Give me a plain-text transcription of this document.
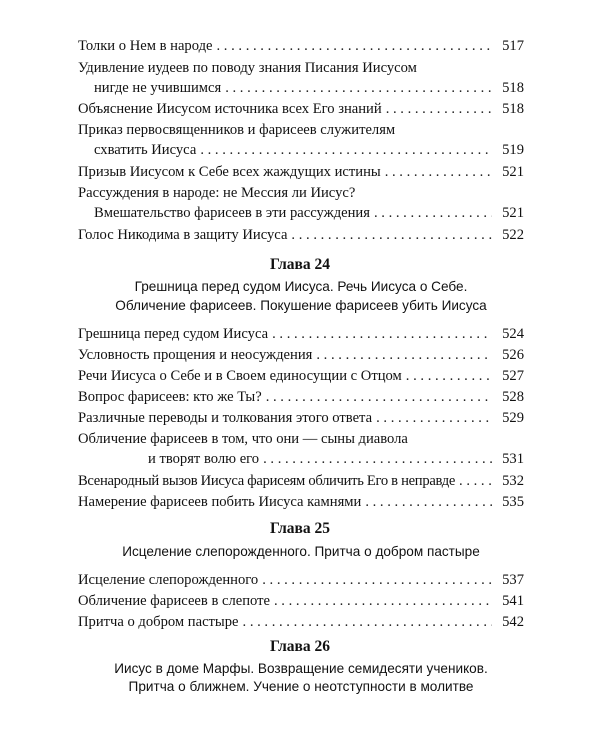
Толки о Нем в народе . . .	517
Удивление иудеев по поводу знания Писания Иисусом
нигде не учившимся . . .	518
Объяснение Иисусом источника всех Его знаний . . .	518
Приказ первосвященников и фарисеев служителям
схватить Иисуса . . .	519
Призыв Иисусом к Себе всех жаждущих истины . . .	521
Рассуждения в народе: не Мессия ли Иисус?
Вмешательство фарисеев в эти рассуждения . . .	521
Голос Никодима в защиту Иисуса . . .	522
Глава 24
Грешница перед судом Иисуса. Речь Иисуса о Себе.
Обличение фарисеев. Покушение фарисеев убить Иисуса
Грешница перед судом Иисуса . . .	524
Условность прощения и неосуждения . . .	526
Речи Иисуса о Себе и в Своем единосущии с Отцом . . .	527
Вопрос фарисеев: кто же Ты? . . .	528
Различные переводы и толкования этого ответа . . .	529
Обличение фарисеев в том, что они — сыны диавола
и творят волю его . . .	531
Всенародный вызов Иисуса фарисеям обличить Его в неправде . . .	532
Намерение фарисеев побить Иисуса камнями . . .	535
Глава 25
Исцеление слепорожденного. Притча о добром пастыре
Исцеление слепорожденного . . .	537
Обличение фарисеев в слепоте . . .	541
Притча о добром пастыре . . .	542
Глава 26
Иисус в доме Марфы. Возвращение семидесяти учеников.
Притча о ближнем. Учение о неотступности в молитве
